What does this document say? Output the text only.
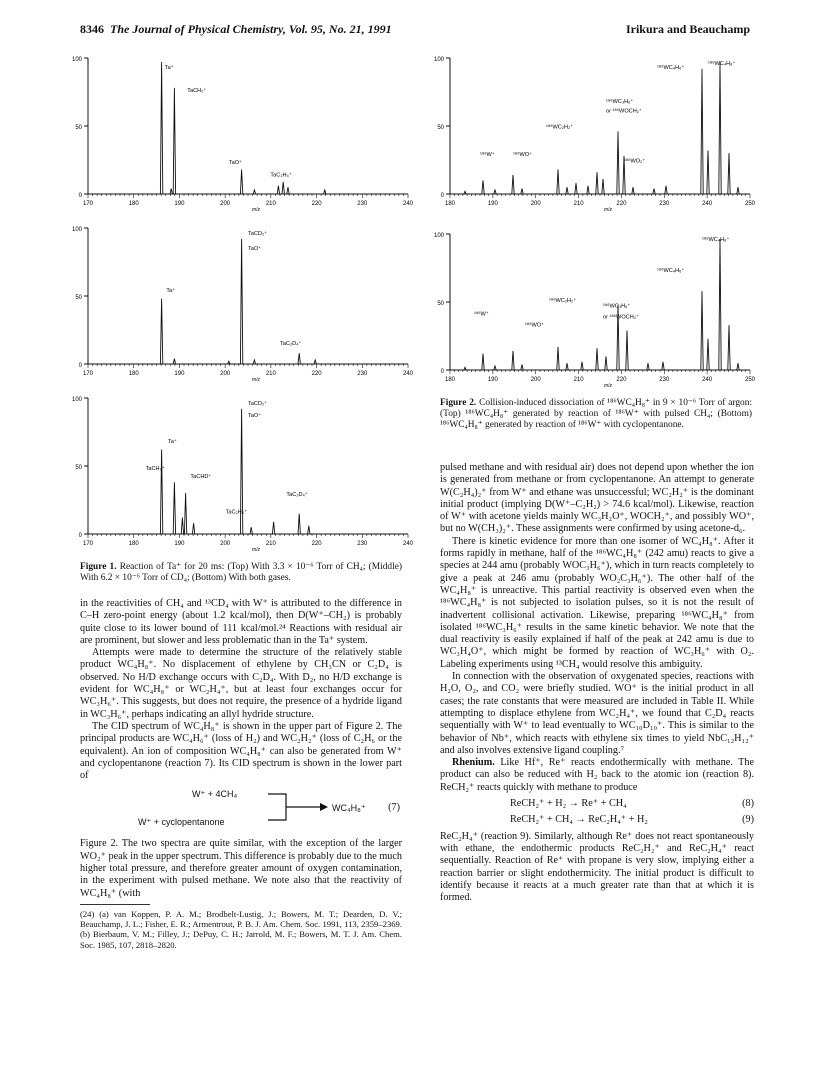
8346 The Journal of Physical Chemistry, Vol. 95, No. 21, 1991	Irikura and Beauchamp
100
50
0
170	180	190	200	210	220	230	240
m/z
Ta⁺
TaCH₂⁺
TaO⁺
TaC₂H₄⁺
100
50
0
170	180	190	200	210	220	230	240
m/z
TaCD₂⁺
TaO⁺
Ta⁺
TaC₂D₄⁺
100
50
0
170	180	190	200	210	220	230	240
m/z
TaCD₂⁺
TaO⁺
Ta⁺
TaCH₂⁺
TaCHD⁺
TaC₂H₄⁺
TaC₂D₄⁺
Figure 1. Reaction of Ta⁺ for 20 ms: (Top) With 3.3 × 10⁻⁶ Torr of CH₄; (Middle) With 6.2 × 10⁻⁶ Torr of CD₄; (Bottom) With both gases.
100
50
0
180	190	200	210	220	230	240	250
m/z
¹⁸⁶WC₄H₆⁺
¹⁸⁶WC₄H₈⁺
¹⁸⁶WC₃H₆⁺
or ¹⁸⁶WOCH₂⁺
¹⁸⁶WC₂H₂⁺
¹⁸⁶W⁺	¹⁸⁶WO⁺
¹⁸⁶WO₂⁺
100
50
0
180	190	200	210	220	230	240	250
m/z
¹⁸⁶WC₄H₈⁺
¹⁸⁶WC₄H₆⁺
¹⁸⁶WC₂H₂⁺
¹⁸⁶WC₃H₆⁺
or ¹⁸⁶WOCH₂⁺
¹⁸⁶W⁺
¹⁸⁶WO⁺
Figure 2. Collision-induced dissociation of ¹⁸⁶WC₄H₈⁺ in 9 × 10⁻⁶ Torr of argon: (Top) ¹⁸⁶WC₄H₈⁺ generated by reaction of ¹⁸⁶W⁺ with pulsed CH₄; (Bottom) ¹⁸⁶WC₄H₈⁺ generated by reaction of ¹⁸⁶W⁺ with cyclopentanone.

in the reactivities of CH₄ and ¹³CD₄ with W⁺ is attributed to the difference in C–H zero-point energy (about 1.2 kcal/mol), then D(W⁺–CH₂) is probably quite close to its lower bound of 111 kcal/mol.²⁴ Reactions with residual air are prominent, but slower and less problematic than in the Ta⁺ system.

Attempts were made to determine the structure of the relatively stable product WC₄H₈⁺. No displacement of ethylene by CH₃CN or C₂D₄ is observed. No H/D exchange occurs with C₂D₄. With D₂, no H/D exchange is evident for WC₄H₈⁺ or WC₂H₄⁺, but at least four exchanges occur for WC₃H₆⁺. This suggests, but does not require, the presence of a hydride ligand in WC₃H₆⁺, perhaps indicating an allyl hydride structure.

The CID spectrum of WC₄H₈⁺ is shown in the upper part of Figure 2. The principal products are WC₄H₆⁺ (loss of H₂) and WC₂H₂⁺ (loss of C₂H₆ or the equivalent). An ion of composition WC₄H₈⁺ can also be generated from W⁺ and cyclopentanone (reaction 7). Its CID spectrum is shown in the lower part of

W⁺ + 4CH₄
W⁺ + cyclopentanone
WC₄H₈⁺ (7)

Figure 2. The two spectra are quite similar, with the exception of the larger WO₂⁺ peak in the upper spectrum. This difference is probably due to the much higher total pressure, and therefore greater amount of oxygen contamination, in the experiment with pulsed methane. We note also that the reactivity of WC₄H₈⁺ (with

(24) (a) van Koppen, P. A. M.; Brodbelt-Lustig, J.; Bowers, M. T.; Dearden, D. V.; Beauchamp, J. L.; Fisher, E. R.; Armentrout, P. B. J. Am. Chem. Soc. 1991, 113, 2359–2369. (b) Bierbaum, V. M.; Filley, J.; DePuy, C. H.; Jarrold, M. F.; Bowers, M. T. J. Am. Chem. Soc. 1985, 107, 2818–2820.

pulsed methane and with residual air) does not depend upon whether the ion is generated from methane or from cyclopentanone. An attempt to generate W(C₂H₄)₂⁺ from W⁺ and ethane was unsuccessful; WC₂H₂⁺ is the dominant initial product (implying D(W⁺–C₂H₂) > 74.6 kcal/mol). Likewise, reaction of W⁺ with acetone yields mainly WC₃H₂O⁺, WOCH₂⁺, and possibly WO⁺, but no W(CH₃)₂⁺. These assignments were confirmed by using acetone-d₆.

There is kinetic evidence for more than one isomer of WC₄H₈⁺. After it forms rapidly in methane, half of the ¹⁸⁶WC₄H₈⁺ (242 amu) reacts to give a species at 244 amu (probably WOC₃H₆⁺), which in turn reacts completely to give a peak at 246 amu (probably WO₂C₃H₆⁺). The other half of the WC₄H₈⁺ is unreactive. This partial reactivity is observed even when the ¹⁸⁶WC₄H₈⁺ is not subjected to isolation pulses, so it is not the result of inadvertent collisional activation. Likewise, preparing ¹⁸⁶WC₄H₈⁺ from isolated ¹⁸⁶WC₃H₆⁺ results in the same kinetic behavior. We note that the dual reactivity is easily explained if half of the peak at 242 amu is due to WC₃H₄O⁺, which might be formed by reaction of WC₃H₆⁺ with O₂. Labeling experiments using ¹³CH₄ would resolve this ambiguity.

In connection with the observation of oxygenated species, reactions with H₂O, O₂, and CO₂ were briefly studied. WO⁺ is the initial product in all cases; the rate constants that were measured are included in Table II. While attempting to displace ethylene from WC₂H₄⁺, we found that C₂D₄ reacts sequentially with W⁺ to lead eventually to WC₁₀D₁₀⁺. This is similar to the behavior of Nb⁺, which reacts with ethylene six times to yield NbC₁₂H₁₂⁺ and also involves extensive ligand coupling.⁷

Rhenium. Like Hf⁺, Re⁺ reacts endothermically with methane. The product can also be reduced with H₂ back to the atomic ion (reaction 8). ReCH₂⁺ reacts quickly with methane to produce

ReCH₂⁺ + H₂ → Re⁺ + CH₄	(8)
ReCH₂⁺ + CH₄ → ReC₂H₄⁺ + H₂	(9)

ReC₂H₄⁺ (reaction 9). Similarly, although Re⁺ does not react spontaneously with ethane, the endothermic products ReC₂H₂⁺ and ReC₂H₄⁺ react sequentially. Reaction of Re⁺ with propane is very slow, implying either a reaction barrier or slight endothermicity. The initial product is difficult to identify because it reacts at a much greater rate than that at which it is formed.
